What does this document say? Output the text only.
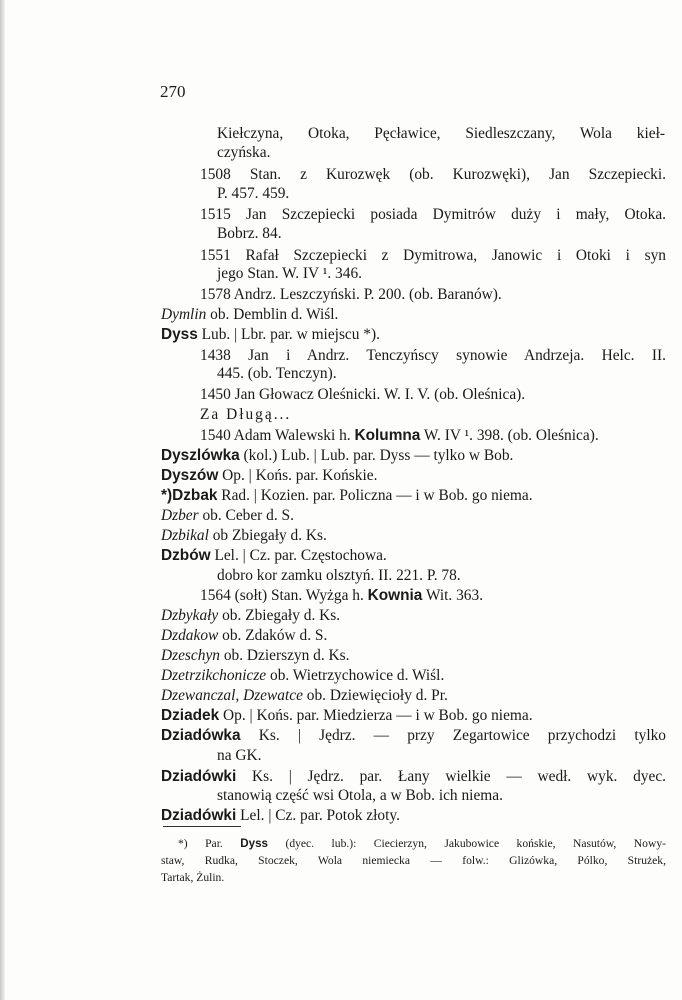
270
Kiełczyna, Otoka, Pęcławice, Siedleszczany, Wola kieł-
czyńska.
1508 Stan. z Kurozwęk (ob. Kurozwęki), Jan Szczepiecki.
P. 457. 459.
1515 Jan Szczepiecki posiada Dymitrów duży i mały, Otoka.
Bobrz. 84.
1551 Rafał Szczepiecki z Dymitrowa, Janowic i Otoki i syn
jego Stan. W. IV ¹. 346.
1578 Andrz. Leszczyński. P. 200. (ob. Baranów).
Dymlin ob. Demblin d. Wiśl.
Dyss Lub. | Lbr. par. w miejscu *).
1438 Jan i Andrz. Tenczyńscy synowie Andrzeja. Helc. II.
445. (ob. Tenczyn).
1450 Jan Głowacz Oleśnicki. W. I. V. (ob. Oleśnica).
Za Długą...
1540 Adam Walewski h. Kolumna W. IV ¹. 398. (ob. Oleśnica).
Dyszlówka (kol.) Lub. | Lub. par. Dyss — tylko w Bob.
Dyszów Op. | Końs. par. Końskie.
*)Dzbak Rad. | Kozien. par. Policzna — i w Bob. go niema.
Dzber ob. Ceber d. S.
Dzbikal ob Zbiegały d. Ks.
Dzbów Lel. | Cz. par. Częstochowa.
dobro kor zamku olsztyń. II. 221. P. 78.
1564 (sołt) Stan. Wyżga h. Kownia Wit. 363.
Dzbykały ob. Zbiegały d. Ks.
Dzdakow ob. Zdaków d. S.
Dzeschyn ob. Dzierszyn d. Ks.
Dzetrzikchonicze ob. Wietrzychowice d. Wiśl.
Dzewanczal, Dzewatce ob. Dziewięcioły d. Pr.
Dziadek Op. | Końs. par. Miedzierza — i w Bob. go niema.
Dziadówka Ks. | Jędrz. — przy Zegartowice przychodzi tylko
na GK.
Dziadówki Ks. | Jędrz. par. Łany wielkie — wedł. wyk. dyec.
stanowią część wsi Otola, a w Bob. ich niema.
Dziadówki Lel. | Cz. par. Potok złoty.
*) Par. Dyss (dyec. lub.): Ciecierzyn, Jakubowice końskie, Nasutów, Nowy-
staw, Rudka, Stoczek, Wola niemiecka — folw.: Glizówka, Pólko, Strużek,
Tartak, Żulin.
